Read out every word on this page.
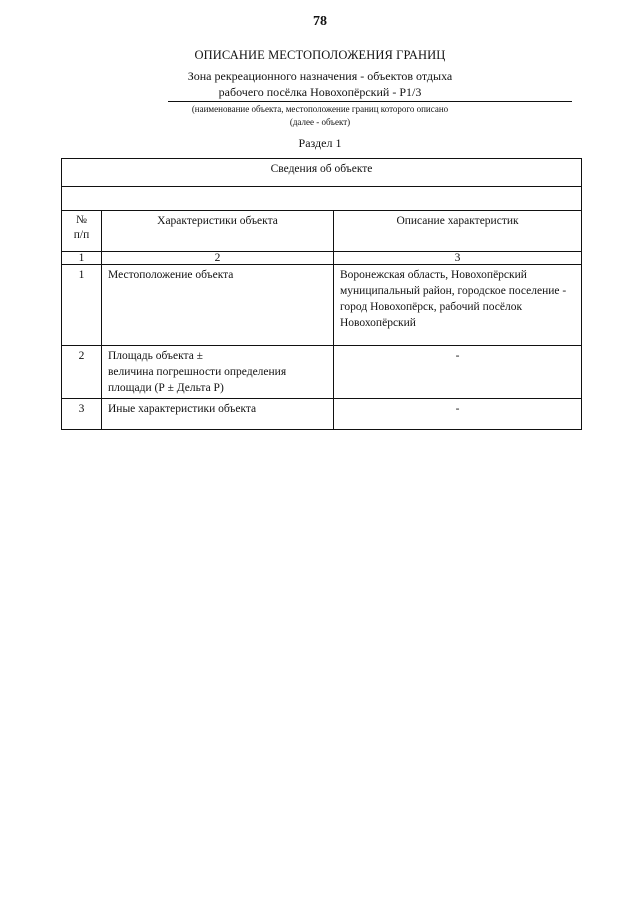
78
ОПИСАНИЕ МЕСТОПОЛОЖЕНИЯ ГРАНИЦ
Зона рекреационного назначения - объектов отдыха
рабочего посёлка Новохопёрский - Р1/3
(наименование объекта, местоположение границ которого описано
(далее - объект)
Раздел 1
Сведения об объекте		

№
п/п	Характеристики объекта	Описание характеристик
1	2	3
1	Местоположение объекта	Воронежская область, Новохопёрский муниципальный район, городское поселение - город Новохопёрск, рабочий посёлок Новохопёрский
2	Площадь объекта ±
величина погрешности определения площади (Р ± Дельта Р)	-
3	Иные характеристики объекта	-
